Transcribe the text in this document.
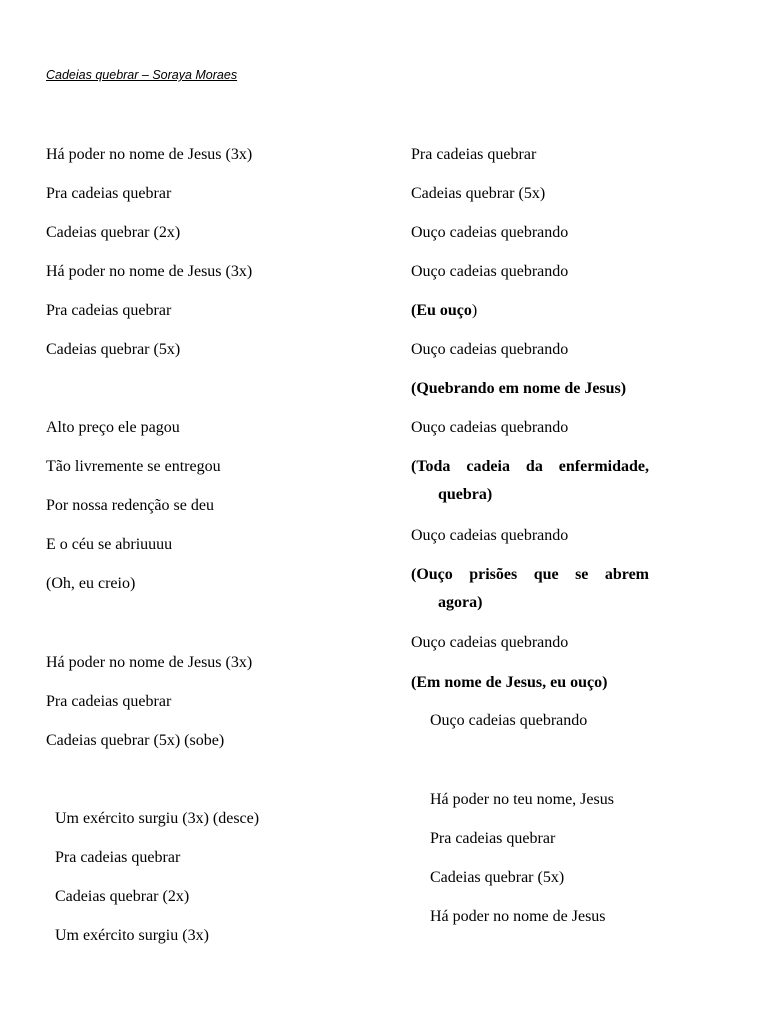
Cadeias quebrar – Soraya Moraes
Há poder no nome de Jesus (3x)
Pra cadeias quebrar
Cadeias quebrar (2x)
Há poder no nome de Jesus (3x)
Pra cadeias quebrar
Cadeias quebrar (5x)
Alto preço ele pagou
Tão livremente se entregou
Por nossa redenção se deu
E o céu se abriuuuu
(Oh, eu creio)
Há poder no nome de Jesus (3x)
Pra cadeias quebrar
Cadeias quebrar (5x) (sobe)
Um exército surgiu (3x) (desce)
Pra cadeias quebrar
Cadeias quebrar (2x)
Um exército surgiu (3x)
Pra cadeias quebrar
Cadeias quebrar (5x)
Ouço cadeias quebrando
Ouço cadeias quebrando
(Eu ouço)
Ouço cadeias quebrando
(Quebrando em nome de Jesus)
Ouço cadeias quebrando
(Toda cadeia da enfermidade,
quebra)
Ouço cadeias quebrando
(Ouço prisões que se abrem
agora)
Ouço cadeias quebrando
(Em nome de Jesus, eu ouço)
Ouço cadeias quebrando
Há poder no teu nome, Jesus
Pra cadeias quebrar
Cadeias quebrar (5x)
Há poder no nome de Jesus
